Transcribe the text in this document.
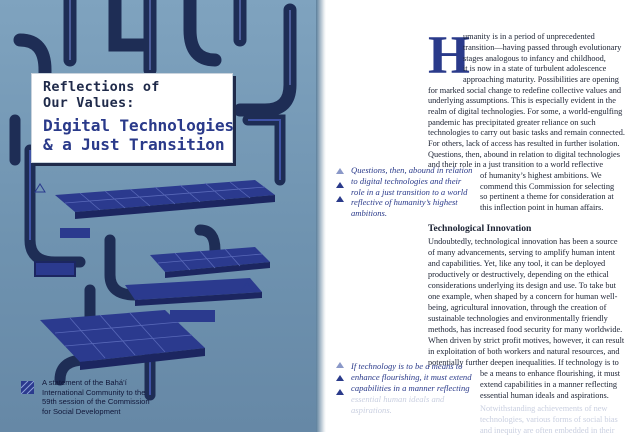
Reflections of
Our Values:
Digital Technologies
& a Just Transition
A statement of the Bahá’í
International Community to the
59th session of the Commission
for Social Development
H
umanity is in a period of unprecedented
transition—having passed through evolutionary
stages analogous to infancy and childhood,
it is now in a state of turbulent adolescence
approaching maturity. Possibilities are opening
for marked social change to redefine collective values and
underlying assumptions. This is especially evident in the
realm of digital technologies. For some, a world-engulfing
pandemic has precipitated greater reliance on such
technologies to carry out basic tasks and remain connected.
For others, lack of access has resulted in further isolation.
Questions, then, abound in relation to digital technologies
and their role in a just transition to a world reflective
of humanity’s highest ambitions. We
commend this Commission for selecting
so pertinent a theme for consideration at
this inflection point in human affairs.
Questions, then, abound in relation
to digital technologies and their
role in a just transition to a world
reflective of humanity’s highest
ambitions.
Technological Innovation
Undoubtedly, technological innovation has been a source
of many advancements, serving to amplify human intent
and capabilities. Yet, like any tool, it can be deployed
productively or destructively, depending on the ethical
considerations underlying its design and use. To take but
one example, when shaped by a concern for human well-
being, agricultural innovation, through the creation of
sustainable technologies and environmentally friendly
methods, has increased food security for many worldwide.
When driven by strict profit motives, however, it can result
in exploitation of both workers and natural resources, and
potentially further deepen inequalities. If technology is to
be a means to enhance flourishing, it must
extend capabilities in a manner reflecting
essential human ideals and aspirations.
If technology is to be a means to
enhance flourishing, it must extend
capabilities in a manner reflecting
essential human ideals and
aspirations.	Notwithstanding achievements of new
technologies, various forms of social bias
and inequity are often embedded in their
